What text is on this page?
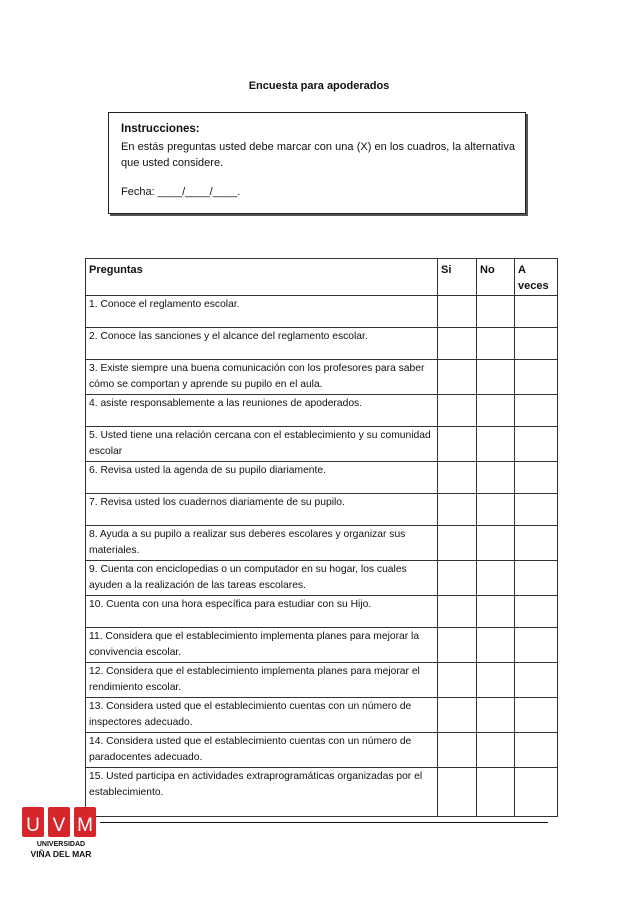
Encuesta para apoderados
Instrucciones:
En estás preguntas usted debe marcar con una (X) en los cuadros, la alternativa que usted considere.
Fecha: ____/____/____.
Preguntas	Si	No	A veces
1. Conoce el reglamento escolar.			
2. Conoce las sanciones y el alcance del reglamento escolar.			
3. Existe siempre una buena comunicación con los profesores para saber cómo se comportan y aprende su pupilo en el aula.			
4. asiste responsablemente a las reuniones de apoderados.			
5. Usted tiene una relación cercana con el establecimiento y su comunidad escolar			
6. Revisa usted la agenda de su pupilo diariamente.			
7. Revisa usted los cuadernos diariamente de su pupilo.			
8. Ayuda a su pupilo a realizar sus deberes escolares y organizar sus materiales.			
9. Cuenta con enciclopedias o un computador en su hogar, los cuales ayuden a la realización de las tareas escolares.			
10. Cuenta con una hora específica para estudiar con su Hijo.			
11. Considera que el establecimiento implementa planes para mejorar la convivencia escolar.			
12. Considera que el establecimiento implementa planes para mejorar el rendimiento escolar.			
13. Considera usted que el establecimiento cuentas con un número de inspectores adecuado.			
14. Considera usted que el establecimiento cuentas con un número de paradocentes adecuado.			
15. Usted participa en actividades extraprogramáticas organizadas por el establecimiento.			
U V M
UNIVERSIDAD
VIÑA DEL MAR
